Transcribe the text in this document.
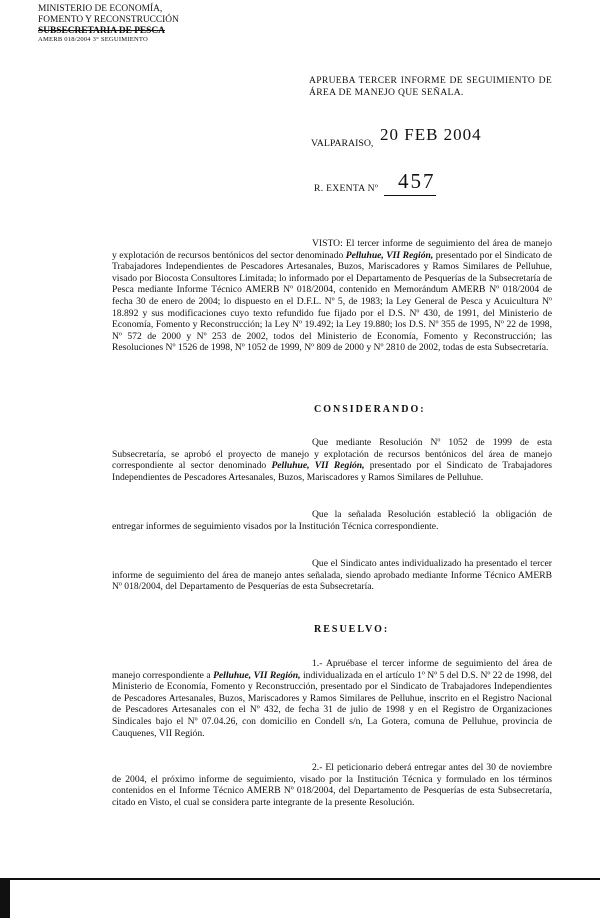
MINISTERIO DE ECONOMÍA,
FOMENTO Y RECONSTRUCCIÓN
SUBSECRETARIA DE PESCA
AMERB 018/2004 3° SEGUIMIENTO
APRUEBA TERCER INFORME DE SEGUIMIENTO DE ÁREA DE MANEJO QUE SEÑALA.
VALPARAISO, 20 FEB 2004
R. EXENTA Nº 457
VISTO: El tercer informe de seguimiento del área de manejo y explotación de recursos bentónicos del sector denominado Pelluhue, VII Región, presentado por el Sindicato de Trabajadores Independientes de Pescadores Artesanales, Buzos, Mariscadores y Ramos Similares de Pelluhue, visado por Biocosta Consultores Limitada; lo informado por el Departamento de Pesquerías de la Subsecretaría de Pesca mediante Informe Técnico AMERB Nº 018/2004, contenido en Memorándum AMERB Nº 018/2004 de fecha 30 de enero de 2004; lo dispuesto en el D.F.L. Nº 5, de 1983; la Ley General de Pesca y Acuicultura Nº 18.892 y sus modificaciones cuyo texto refundido fue fijado por el D.S. Nº 430, de 1991, del Ministerio de Economía, Fomento y Reconstrucción; la Ley Nº 19.492; la Ley 19.880; los D.S. Nº 355 de 1995, Nº 22 de 1998, Nº 572 de 2000 y Nº 253 de 2002, todos del Ministerio de Economía, Fomento y Reconstrucción; las Resoluciones Nº 1526 de 1998, Nº 1052 de 1999, Nº 809 de 2000 y Nº 2810 de 2002, todas de esta Subsecretaría.
CONSIDERANDO:
Que mediante Resolución Nº 1052 de 1999 de esta Subsecretaría, se aprobó el proyecto de manejo y explotación de recursos bentónicos del área de manejo correspondiente al sector denominado Pelluhue, VII Región, presentado por el Sindicato de Trabajadores Independientes de Pescadores Artesanales, Buzos, Mariscadores y Ramos Similares de Pelluhue.
Que la señalada Resolución estableció la obligación de entregar informes de seguimiento visados por la Institución Técnica correspondiente.
Que el Sindicato antes individualizado ha presentado el tercer informe de seguimiento del área de manejo antes señalada, siendo aprobado mediante Informe Técnico AMERB Nº 018/2004, del Departamento de Pesquerías de esta Subsecretaría.
RESUELVO:
1.- Apruébase el tercer informe de seguimiento del área de manejo correspondiente a Pelluhue, VII Región, individualizada en el artículo 1º Nº 5 del D.S. Nº 22 de 1998, del Ministerio de Economía, Fomento y Reconstrucción, presentado por el Sindicato de Trabajadores Independientes de Pescadores Artesanales, Buzos, Mariscadores y Ramos Similares de Pelluhue, inscrito en el Registro Nacional de Pescadores Artesanales con el Nº 432, de fecha 31 de julio de 1998 y en el Registro de Organizaciones Sindicales bajo el Nº 07.04.26, con domicilio en Condell s/n, La Gotera, comuna de Pelluhue, provincia de Cauquenes, VII Región.
2.- El peticionario deberá entregar antes del 30 de noviembre de 2004, el próximo informe de seguimiento, visado por la Institución Técnica y formulado en los términos contenidos en el Informe Técnico AMERB Nº 018/2004, del Departamento de Pesquerías de esta Subsecretaría, citado en Visto, el cual se considera parte integrante de la presente Resolución.
